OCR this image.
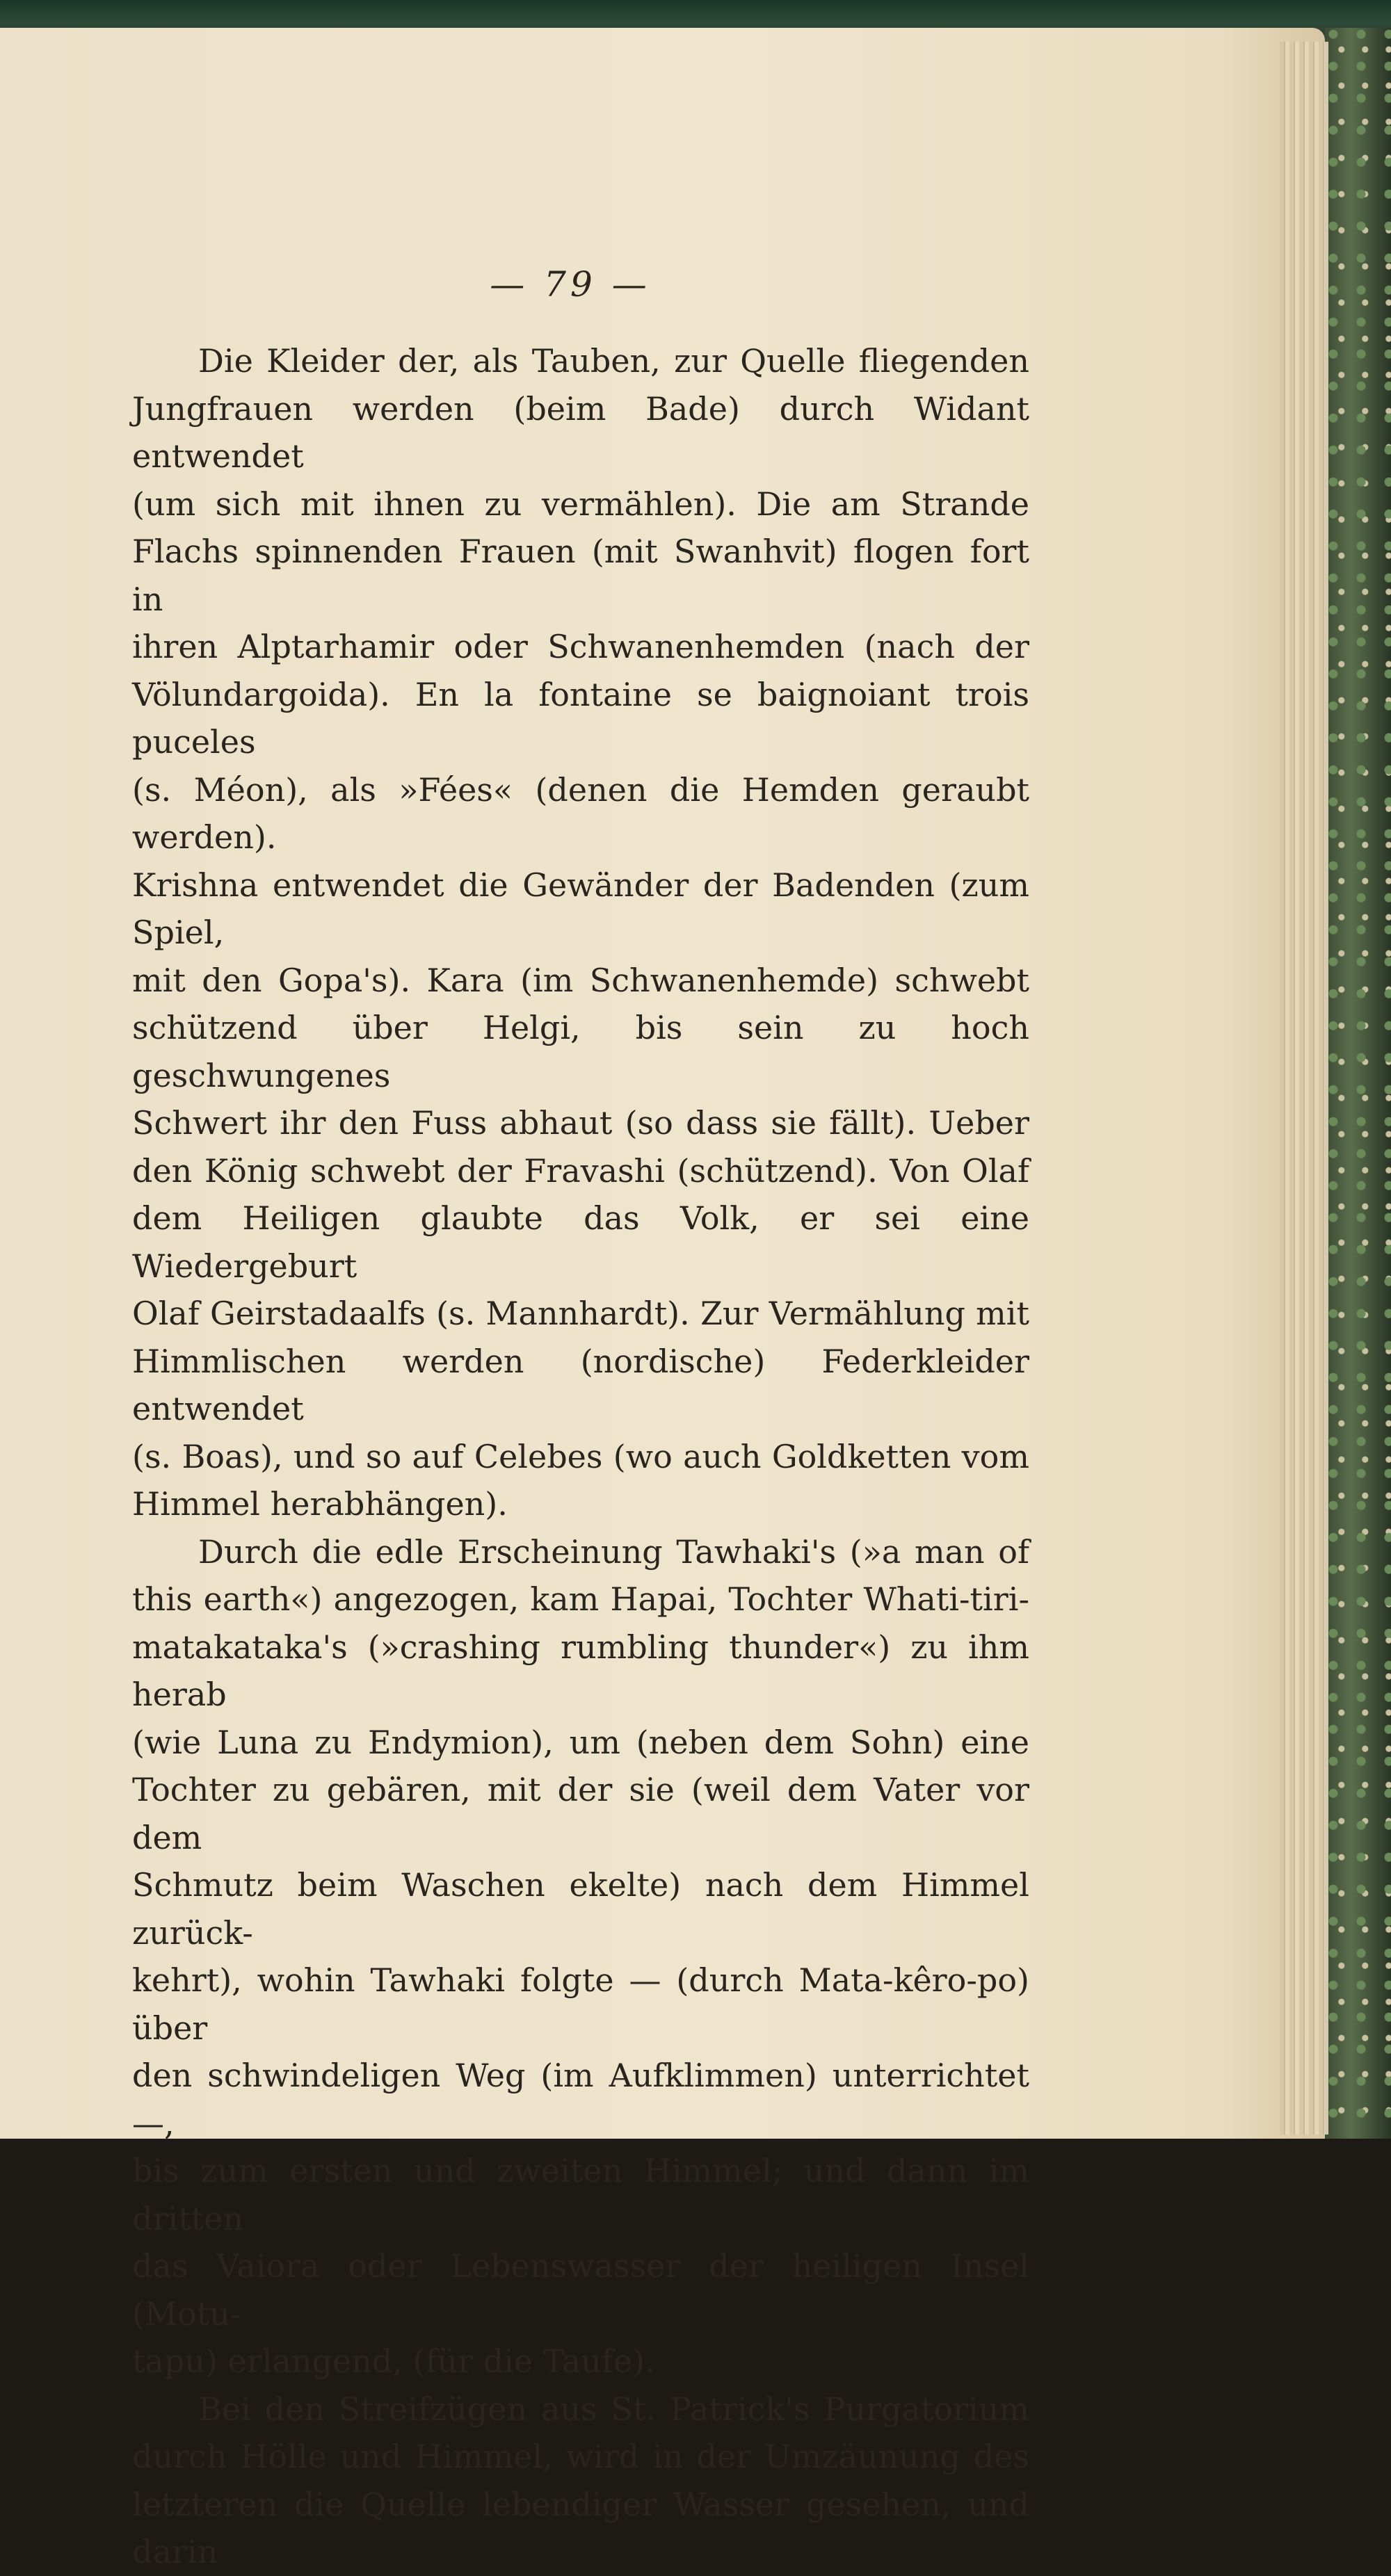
— 79 —
Die Kleider der, als Tauben, zur Quelle fliegenden
Jungfrauen werden (beim Bade) durch Widant entwendet
(um sich mit ihnen zu vermählen). Die am Strande
Flachs spinnenden Frauen (mit Swanhvit) flogen fort in
ihren Alptarhamir oder Schwanenhemden (nach der
Völundargoida). En la fontaine se baignoiant trois puceles
(s. Méon), als »Fées« (denen die Hemden geraubt werden).
Krishna entwendet die Gewänder der Badenden (zum Spiel,
mit den Gopa's). Kara (im Schwanenhemde) schwebt
schützend über Helgi, bis sein zu hoch geschwungenes
Schwert ihr den Fuss abhaut (so dass sie fällt). Ueber
den König schwebt der Fravashi (schützend). Von Olaf
dem Heiligen glaubte das Volk, er sei eine Wiedergeburt
Olaf Geirstadaalfs (s. Mannhardt). Zur Vermählung mit
Himmlischen werden (nordische) Federkleider entwendet
(s. Boas), und so auf Celebes (wo auch Goldketten vom
Himmel herabhängen).
Durch die edle Erscheinung Tawhaki's (»a man of
this earth«) angezogen, kam Hapai, Tochter Whati-tiri-
matakataka's (»crashing rumbling thunder«) zu ihm herab
(wie Luna zu Endymion), um (neben dem Sohn) eine
Tochter zu gebären, mit der sie (weil dem Vater vor dem
Schmutz beim Waschen ekelte) nach dem Himmel zurück-
kehrt), wohin Tawhaki folgte — (durch Mata-kêro-po) über
den schwindeligen Weg (im Aufklimmen) unterrichtet —,
bis zum ersten und zweiten Himmel; und dann im dritten
das Vaiora oder Lebenswasser der heiligen Insel (Motu-
tapu) erlangend, (für die Taufe).
Bei den Streifzügen aus St. Patrick's Purgatorium
durch Hölle und Himmel, wird in der Umzäunung des
letzteren die Quelle lebendiger Wasser gesehen, und darin
